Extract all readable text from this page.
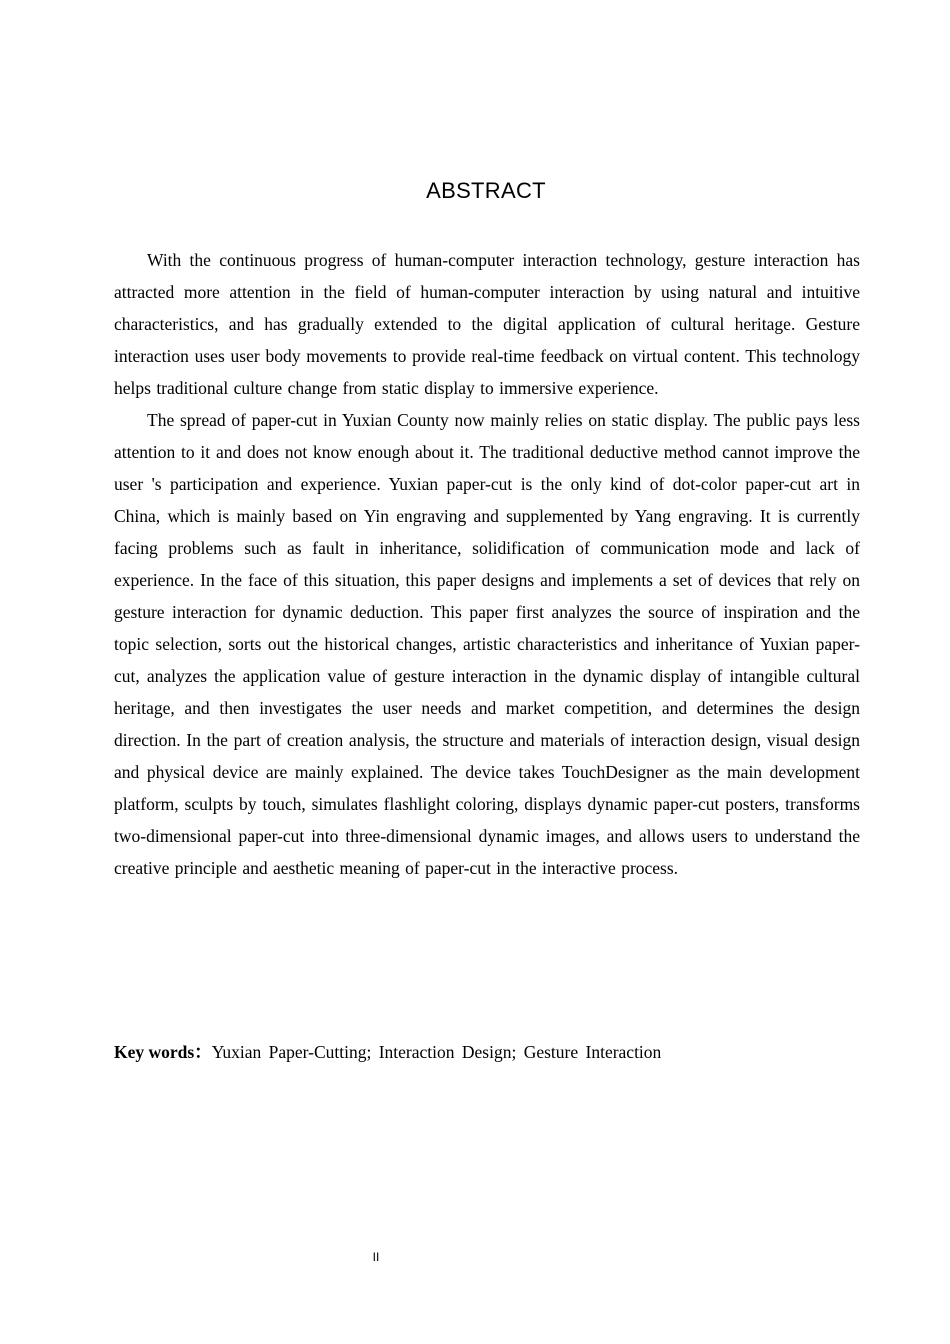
ABSTRACT

With the continuous progress of human-computer interaction technology, gesture interaction has attracted more attention in the field of human-computer interaction by using natural and intuitive characteristics, and has gradually extended to the digital application of cultural heritage. Gesture interaction uses user body movements to provide real-time feedback on virtual content. This technology helps traditional culture change from static display to immersive experience.

The spread of paper-cut in Yuxian County now mainly relies on static display. The public pays less attention to it and does not know enough about it. The traditional deductive method cannot improve the user 's participation and experience. Yuxian paper-cut is the only kind of dot-color paper-cut art in China, which is mainly based on Yin engraving and supplemented by Yang engraving. It is currently facing problems such as fault in inheritance, solidification of communication mode and lack of experience. In the face of this situation, this paper designs and implements a set of devices that rely on gesture interaction for dynamic deduction. This paper first analyzes the source of inspiration and the topic selection, sorts out the historical changes, artistic characteristics and inheritance of Yuxian paper-cut, analyzes the application value of gesture interaction in the dynamic display of intangible cultural heritage, and then investigates the user needs and market competition, and determines the design direction. In the part of creation analysis, the structure and materials of interaction design, visual design and physical device are mainly explained. The device takes TouchDesigner as the main development platform, sculpts by touch, simulates flashlight coloring, displays dynamic paper-cut posters, transforms two-dimensional paper-cut into three-dimensional dynamic images, and allows users to understand the creative principle and aesthetic meaning of paper-cut in the interactive process.

Key words：Yuxian Paper-Cutting; Interaction Design; Gesture Interaction
II
